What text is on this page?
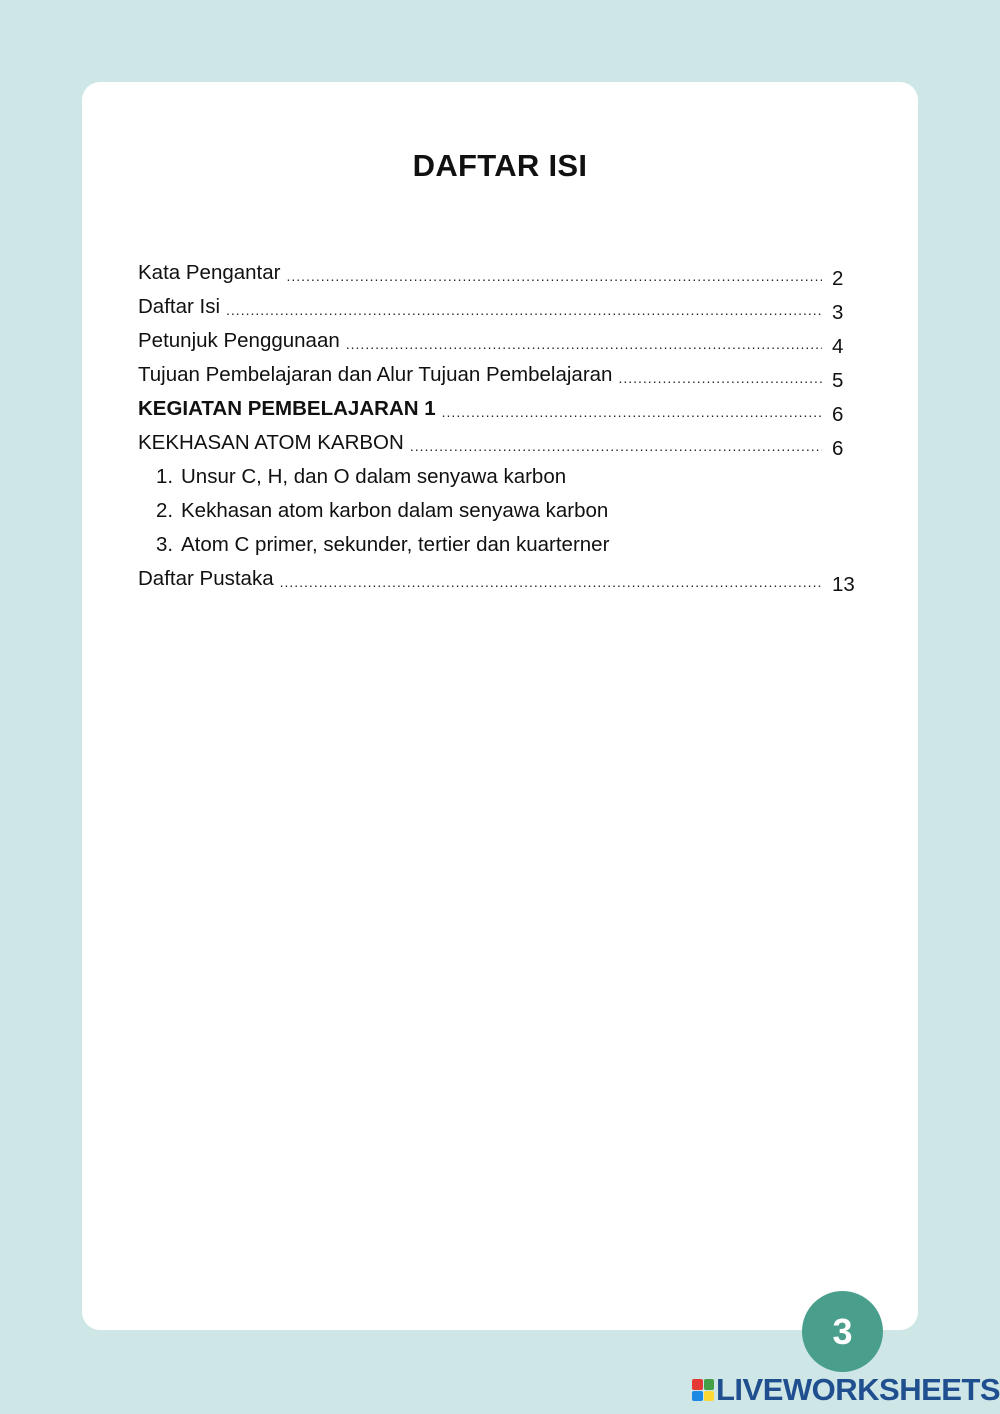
DAFTAR ISI
Kata Pengantar .....	2
Daftar Isi .....	3
Petunjuk Penggunaan .....	4
Tujuan Pembelajaran dan Alur Tujuan Pembelajaran .....	5
KEGIATAN PEMBELAJARAN 1 .....	6
KEKHASAN ATOM KARBON .....	6
1. Unsur C, H, dan O dalam senyawa karbon
2. Kekhasan atom karbon dalam senyawa karbon
3. Atom C primer, sekunder, tertier dan kuarterner
Daftar Pustaka .....	13
3
LIVEWORKSHEETS
